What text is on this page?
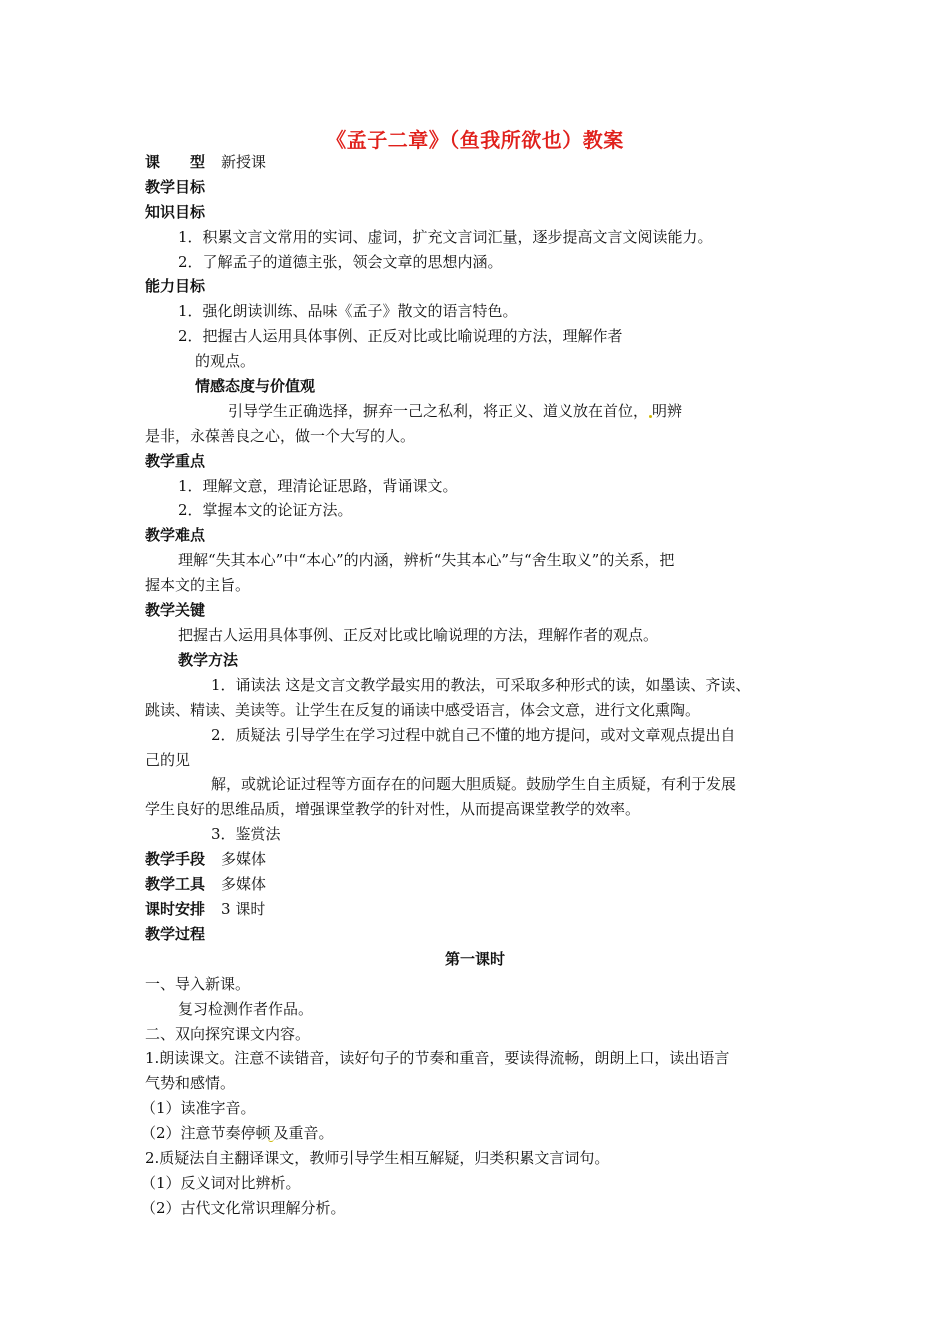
《孟子二章》（鱼我所欲也）教案
课　　型 新授课
教学目标
知识目标
1．积累文言文常用的实词、虚词，扩充文言词汇量，逐步提高文言文阅读能力。
2．了解孟子的道德主张，领会文章的思想内涵。
能力目标
1．强化朗读训练、品味《孟子》散文的语言特色。
2．把握古人运用具体事例、正反对比或比喻说理的方法，理解作者
的观点。
情感态度与价值观
引导学生正确选择，摒弃一己之私利，将正义、道义放在首位， 明辨
是非，永葆善良之心，做一个大写的人。
教学重点
1．理解文意，理清论证思路，背诵课文。
2．掌握本文的论证方法。
教学难点
理解“失其本心”中“本心”的内涵，辨析“失其本心”与“舍生取义”的关系，把
握本文的主旨。
教学关键
把握古人运用具体事例、正反对比或比喻说理的方法，理解作者的观点。
教学方法
1．诵读法 这是文言文教学最实用的教法，可采取多种形式的读，如墨读、齐读、
跳读、精读、美读等。让学生在反复的诵读中感受语言，体会文意，进行文化熏陶。
2．质疑法 引导学生在学习过程中就自己不懂的地方提问，或对文章观点提出自
己的见
解，或就论证过程等方面存在的问题大胆质疑。鼓励学生自主质疑，有利于发展
学生良好的思维品质，增强课堂教学的针对性，从而提高课堂教学的效率。
3．鉴赏法
教学手段 多媒体
教学工具 多媒体
课时安排 3 课时
教学过程
第一课时
一、导入新课。
复习检测作者作品。
二、双向探究课文内容。
1.朗读课文。注意不读错音，读好句子的节奏和重音，要读得流畅，朗朗上口，读出语言
气势和感情。
（1）读准字音。
（2）注意节奏停顿 及重音。
2.质疑法自主翻译课文，教师引导学生相互解疑，归类积累文言词句。
（1）反义词对比辨析。
（2）古代文化常识理解分析。
